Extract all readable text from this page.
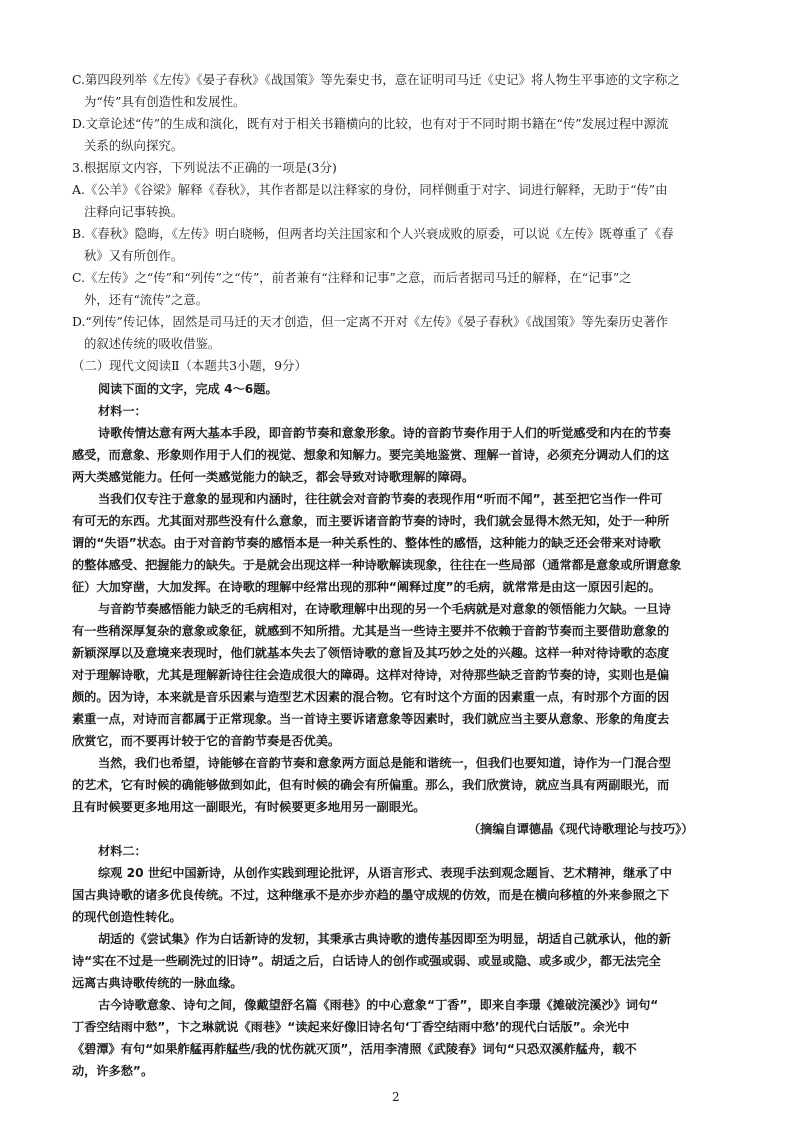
C.第四段列举《左传》《晏子春秋》《战国策》等先秦史书，意在证明司马迁《史记》将人物生平事迹的文字称之
为“传”具有创造性和发展性。
D.文章论述“传”的生成和演化，既有对于相关书籍横向的比较，也有对于不同时期书籍在“传”发展过程中源流
关系的纵向探究。
3.根据原文内容，下列说法不正确的一项是(3分)
A.《公羊》《谷梁》解释《春秋》，其作者都是以注释家的身份，同样侧重于对字、词进行解释，无助于“传”由
注释向记事转换。
B.《春秋》隐晦，《左传》明白晓畅，但两者均关注国家和个人兴衰成败的原委，可以说《左传》既尊重了《春
秋》又有所创作。
C.《左传》之“传”和“列传”之“传”，前者兼有“注释和记事”之意，而后者据司马迁的解释，在“记事”之
外，还有“流传”之意。
D.“列传”传记体，固然是司马迁的天才创造，但一定离不开对《左传》《晏子春秋》《战国策》等先秦历史著作
的叙述传统的吸收借鉴。
（二）现代文阅读Ⅱ（本题共3小题，9分）
阅读下面的文字，完成 4～6题。
材料一：
诗歌传情达意有两大基本手段，即音韵节奏和意象形象。诗的音韵节奏作用于人们的听觉感受和内在的节奏
感受，而意象、形象则作用于人们的视觉、想象和知解力。要完美地鉴赏、理解一首诗，必须充分调动人们的这
两大类感觉能力。任何一类感觉能力的缺乏，都会导致对诗歌理解的障碍。
当我们仅专注于意象的显现和内涵时，往往就会对音韵节奏的表现作用“听而不闻”，甚至把它当作一件可
有可无的东西。尤其面对那些没有什么意象，而主要诉诸音韵节奏的诗时，我们就会显得木然无知，处于一种所
谓的“失语”状态。由于对音韵节奏的感悟本是一种关系性的、整体性的感悟，这种能力的缺乏还会带来对诗歌
的整体感受、把握能力的缺失。于是就会出现这样一种诗歌解读现象，往往在一些局部（通常都是意象或所谓意象
征）大加穿凿，大加发挥。在诗歌的理解中经常出现的那种“阐释过度”的毛病，就常常是由这一原因引起的。
与音韵节奏感悟能力缺乏的毛病相对，在诗歌理解中出现的另一个毛病就是对意象的领悟能力欠缺。一旦诗
有一些稍深厚复杂的意象或象征，就感到不知所措。尤其是当一些诗主要并不依赖于音韵节奏而主要借助意象的
新颖深厚以及意境来表现时，他们就基本失去了领悟诗歌的意旨及其巧妙之处的兴趣。这样一种对待诗歌的态度
对于理解诗歌，尤其是理解新诗往往会造成很大的障碍。这样对待诗，对待那些缺乏音韵节奏的诗，实则也是偏
颇的。因为诗，本来就是音乐因素与造型艺术因素的混合物。它有时这个方面的因素重一点，有时那个方面的因
素重一点，对诗而言都属于正常现象。当一首诗主要诉诸意象等因素时，我们就应当主要从意象、形象的角度去
欣赏它，而不要再计较于它的音韵节奏是否优美。
当然，我们也希望，诗能够在音韵节奏和意象两方面总是能和谐统一，但我们也要知道，诗作为一门混合型
的艺术，它有时候的确能够做到如此，但有时候的确会有所偏重。那么，我们欣赏诗，就应当具有两副眼光，而
且有时候要更多地用这一副眼光，有时候要更多地用另一副眼光。
（摘编自谭德晶《现代诗歌理论与技巧》）
材料二：
综观 20 世纪中国新诗，从创作实践到理论批评，从语言形式、表现手法到观念题旨、艺术精神，继承了中
国古典诗歌的诸多优良传统。不过，这种继承不是亦步亦趋的墨守成规的仿效，而是在横向移植的外来参照之下
的现代创造性转化。
胡适的《尝试集》作为白话新诗的发轫，其秉承古典诗歌的遗传基因即至为明显，胡适自己就承认，他的新
诗“实在不过是一些刷洗过的旧诗”。胡适之后，白话诗人的创作或强或弱、或显或隐、或多或少，都无法完全
远离古典诗歌传统的一脉血缘。
古今诗歌意象、诗句之间，像戴望舒名篇《雨巷》的中心意象“丁香”，即来自李璟《摊破浣溪沙》词句“
丁香空结雨中愁”，卞之琳就说《雨巷》“读起来好像旧诗名句‘丁香空结雨中愁’的现代白话版”。余光中
《碧潭》有句“如果舴艋再舴艋些/我的忧伤就灭顶”，活用李清照《武陵春》词句“只恐双溪舴艋舟，载不
动，许多愁”。
2
